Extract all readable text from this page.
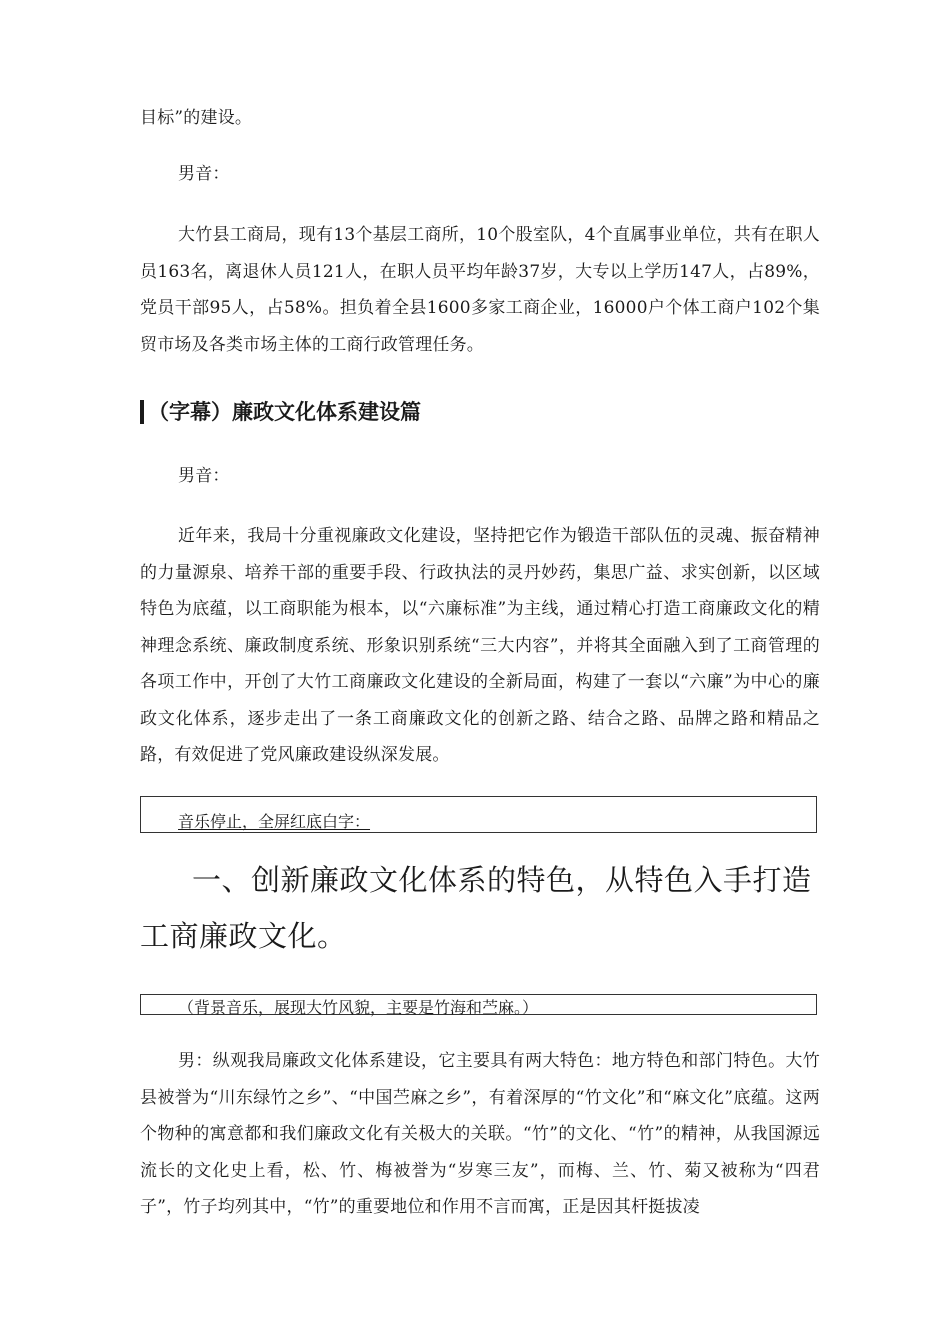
目标”的建设。

男音：

大竹县工商局，现有13个基层工商所，10个股室队，4个直属事业单位，共有在职人员163名，离退休人员121人，在职人员平均年龄37岁，大专以上学历147人，占89%，党员干部95人，占58%。担负着全县1600多家工商企业，16000户个体工商户102个集贸市场及各类市场主体的工商行政管理任务。

（字幕）廉政文化体系建设篇

男音：

近年来，我局十分重视廉政文化建设，坚持把它作为锻造干部队伍的灵魂、振奋精神的力量源泉、培养干部的重要手段、行政执法的灵丹妙药，集思广益、求实创新，以区域特色为底蕴，以工商职能为根本，以“六廉标准”为主线，通过精心打造工商廉政文化的精神理念系统、廉政制度系统、形象识别系统“三大内容”，并将其全面融入到了工商管理的各项工作中，开创了大竹工商廉政文化建设的全新局面，构建了一套以“六廉”为中心的廉政文化体系，逐步走出了一条工商廉政文化的创新之路、结合之路、品牌之路和精品之路，有效促进了党风廉政建设纵深发展。

音乐停止，全屏红底白字：

一、创新廉政文化体系的特色，从特色入手打造工商廉政文化。

（背景音乐，展现大竹风貌，主要是竹海和苎麻。）

男：纵观我局廉政文化体系建设，它主要具有两大特色：地方特色和部门特色。大竹县被誉为“川东绿竹之乡”、“中国苎麻之乡”，有着深厚的“竹文化”和“麻文化”底蕴。这两个物种的寓意都和我们廉政文化有关极大的关联。“竹”的文化、“竹”的精神，从我国源远流长的文化史上看，松、竹、梅被誉为“岁寒三友”，而梅、兰、竹、菊又被称为“四君子”，竹子均列其中，“竹”的重要地位和作用不言而寓，正是因其杆挺拔凌
